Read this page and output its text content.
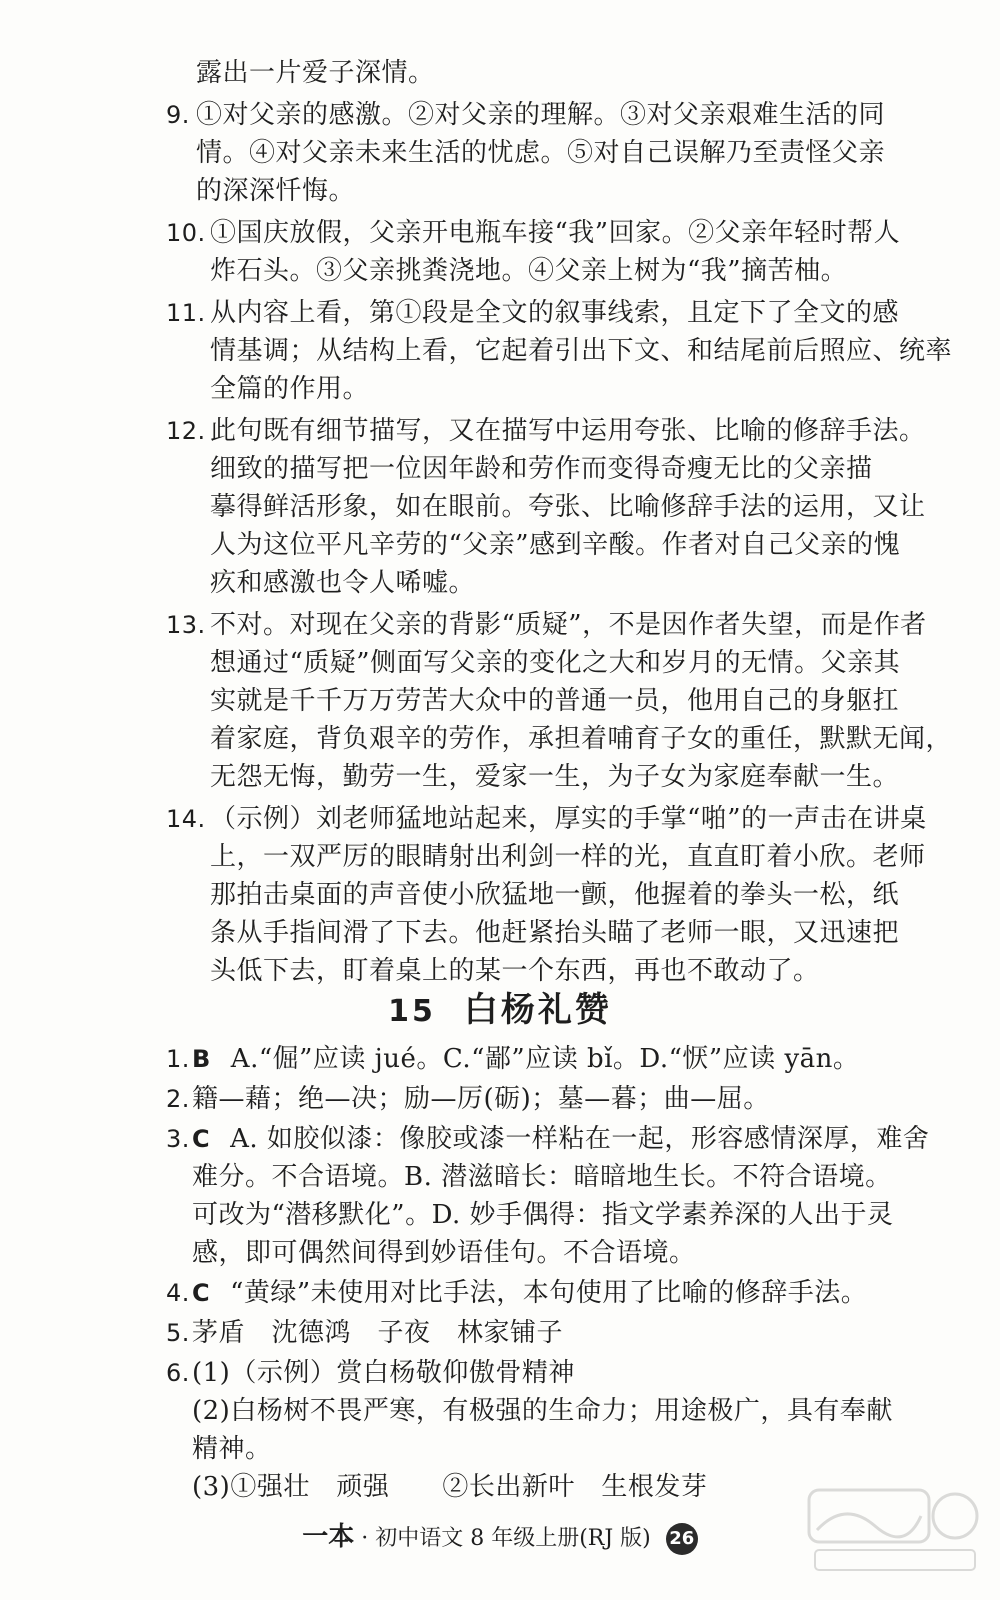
露出一片爱子深情。
9. ①对父亲的感激。②对父亲的理解。③对父亲艰难生活的同
情。④对父亲未来生活的忧虑。⑤对自己误解乃至责怪父亲
的深深忏悔。
10. ①国庆放假，父亲开电瓶车接“我”回家。②父亲年轻时帮人
炸石头。③父亲挑粪浇地。④父亲上树为“我”摘苦柚。
11. 从内容上看，第①段是全文的叙事线索，且定下了全文的感
情基调；从结构上看，它起着引出下文、和结尾前后照应、统率
全篇的作用。
12. 此句既有细节描写，又在描写中运用夸张、比喻的修辞手法。
细致的描写把一位因年龄和劳作而变得奇瘦无比的父亲描
摹得鲜活形象，如在眼前。夸张、比喻修辞手法的运用，又让
人为这位平凡辛劳的“父亲”感到辛酸。作者对自己父亲的愧
疚和感激也令人唏嘘。
13. 不对。对现在父亲的背影“质疑”，不是因作者失望，而是作者
想通过“质疑”侧面写父亲的变化之大和岁月的无情。父亲其
实就是千千万万劳苦大众中的普通一员，他用自己的身躯扛
着家庭，背负艰辛的劳作，承担着哺育子女的重任，默默无闻，
无怨无悔，勤劳一生，爱家一生，为子女为家庭奉献一生。
14. （示例）刘老师猛地站起来，厚实的手掌“啪”的一声击在讲桌
上，一双严厉的眼睛射出利剑一样的光，直直盯着小欣。老师
那拍击桌面的声音使小欣猛地一颤，他握着的拳头一松，纸
条从手指间滑了下去。他赶紧抬头瞄了老师一眼，又迅速把
头低下去，盯着桌上的某一个东西，再也不敢动了。
15 白杨礼赞
1. B A.“倔”应读 jué。C.“鄙”应读 bǐ。D.“恹”应读 yān。
2. 籍—藉；绝—决；励—厉(砺)；墓—暮；曲—屈。
3. C A. 如胶似漆：像胶或漆一样粘在一起，形容感情深厚，难舍
难分。不合语境。B. 潜滋暗长：暗暗地生长。不符合语境。
可改为“潜移默化”。D. 妙手偶得：指文学素养深的人出于灵
感，即可偶然间得到妙语佳句。不合语境。
4. C “黄绿”未使用对比手法，本句使用了比喻的修辞手法。
5. 茅盾　沈德鸿　子夜　林家铺子
6. (1)（示例）赏白杨敬仰傲骨精神
(2)白杨树不畏严寒，有极强的生命力；用途极广，具有奉献
精神。
(3)①强壮　顽强　　②长出新叶　生根发芽
一本 · 初中语文 8 年级上册(RJ 版) 26
